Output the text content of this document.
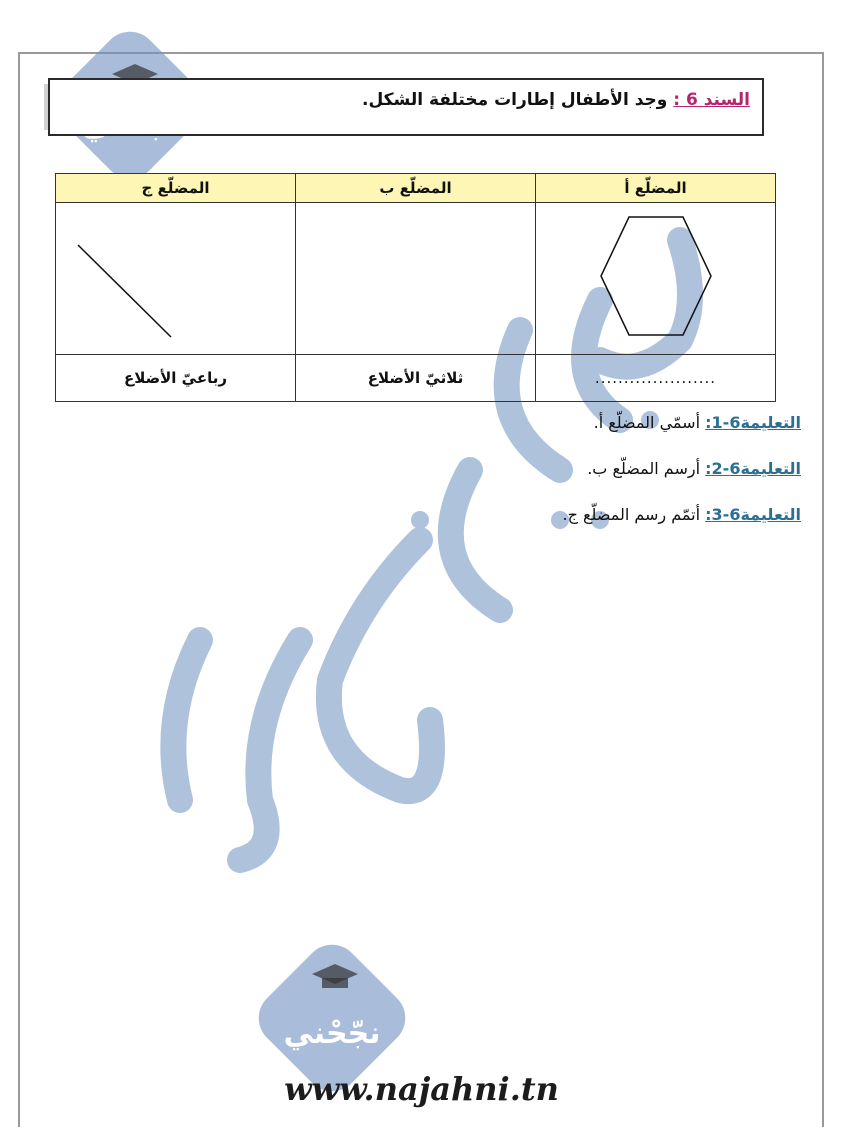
نجّحْني
السند 6 : وجد الأطفال إطارات مختلفة الشكل.
المضلّع أ	المضلّع ب	المضلّع ج

.....................	ثلاثيّ الأضلاع	رباعيّ الأضلاع
التعليمة6-1: أسمّي المضلّع أ.
التعليمة6-2: أرسم المضلّع ب.
التعليمة6-3: أتمّم رسم المضلّع ج.
www.najahni.tn
